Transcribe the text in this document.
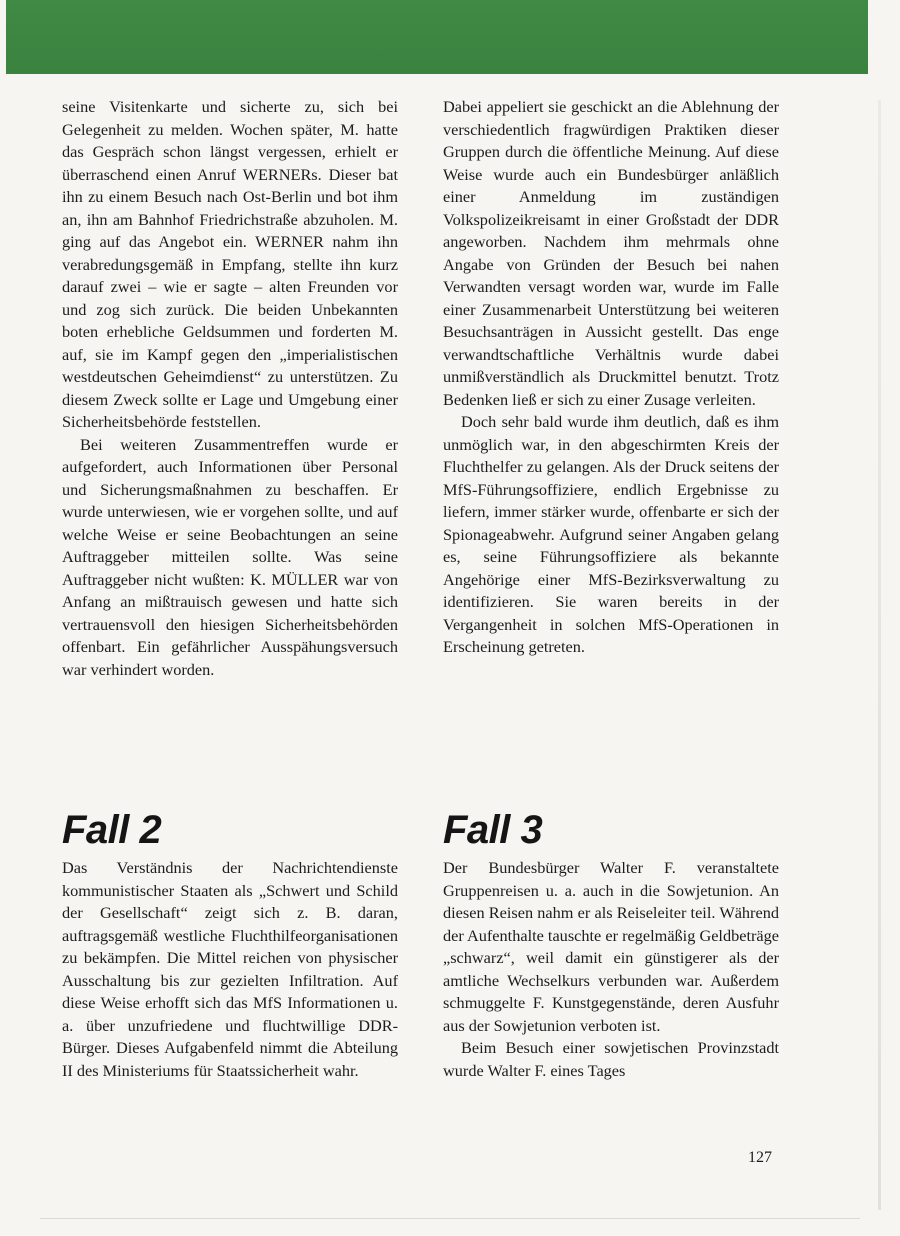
seine Visitenkarte und sicherte zu, sich bei Gelegenheit zu melden. Wochen später, M. hatte das Gespräch schon längst vergessen, erhielt er überraschend einen Anruf WERNERs. Dieser bat ihn zu einem Besuch nach Ost-Berlin und bot ihm an, ihn am Bahnhof Friedrichstraße abzuholen. M. ging auf das Angebot ein. WERNER nahm ihn verabredungsgemäß in Empfang, stellte ihn kurz darauf zwei – wie er sagte – alten Freunden vor und zog sich zurück. Die beiden Unbekannten boten erhebliche Geldsummen und forderten M. auf, sie im Kampf gegen den „imperialistischen westdeutschen Geheimdienst“ zu unterstützen. Zu diesem Zweck sollte er Lage und Umgebung einer Sicherheitsbehörde feststellen.

Bei weiteren Zusammentreffen wurde er aufgefordert, auch Informationen über Personal und Sicherungsmaßnahmen zu beschaffen. Er wurde unterwiesen, wie er vorgehen sollte, und auf welche Weise er seine Beobachtungen an seine Auftraggeber mitteilen sollte. Was seine Auftraggeber nicht wußten: K. MÜLLER war von Anfang an mißtrauisch gewesen und hatte sich vertrauensvoll den hiesigen Sicherheitsbehörden offenbart. Ein gefährlicher Ausspähungsversuch war verhindert worden.

Dabei appeliert sie geschickt an die Ablehnung der verschiedentlich fragwürdigen Praktiken dieser Gruppen durch die öffentliche Meinung. Auf diese Weise wurde auch ein Bundesbürger anläßlich einer Anmeldung im zuständigen Volkspolizeikreisamt in einer Großstadt der DDR angeworben. Nachdem ihm mehrmals ohne Angabe von Gründen der Besuch bei nahen Verwandten versagt worden war, wurde im Falle einer Zusammenarbeit Unterstützung bei weiteren Besuchsanträgen in Aussicht gestellt. Das enge verwandtschaftliche Verhältnis wurde dabei unmißverständlich als Druckmittel benutzt. Trotz Bedenken ließ er sich zu einer Zusage verleiten.

Doch sehr bald wurde ihm deutlich, daß es ihm unmöglich war, in den abgeschirmten Kreis der Fluchthelfer zu gelangen. Als der Druck seitens der MfS-Führungsoffiziere, endlich Ergebnisse zu liefern, immer stärker wurde, offenbarte er sich der Spionageabwehr. Aufgrund seiner Angaben gelang es, seine Führungsoffiziere als bekannte Angehörige einer MfS-Bezirksverwaltung zu identifizieren. Sie waren bereits in der Vergangenheit in solchen MfS-Operationen in Erscheinung getreten.

Fall 2	Fall 3

Das Verständnis der Nachrichtendienste kommunistischer Staaten als „Schwert und Schild der Gesellschaft“ zeigt sich z. B. daran, auftragsgemäß westliche Fluchthilfeorganisationen zu bekämpfen. Die Mittel reichen von physischer Ausschaltung bis zur gezielten Infiltration. Auf diese Weise erhofft sich das MfS Informationen u. a. über unzufriedene und fluchtwillige DDR-Bürger. Dieses Aufgabenfeld nimmt die Abteilung II des Ministeriums für Staatssicherheit wahr.

Der Bundesbürger Walter F. veranstaltete Gruppenreisen u. a. auch in die Sowjetunion. An diesen Reisen nahm er als Reiseleiter teil. Während der Aufenthalte tauschte er regelmäßig Geldbeträge „schwarz“, weil damit ein günstigerer als der amtliche Wechselkurs verbunden war. Außerdem schmuggelte F. Kunstgegenstände, deren Ausfuhr aus der Sowjetunion verboten ist.

Beim Besuch einer sowjetischen Provinzstadt wurde Walter F. eines Tages

127
